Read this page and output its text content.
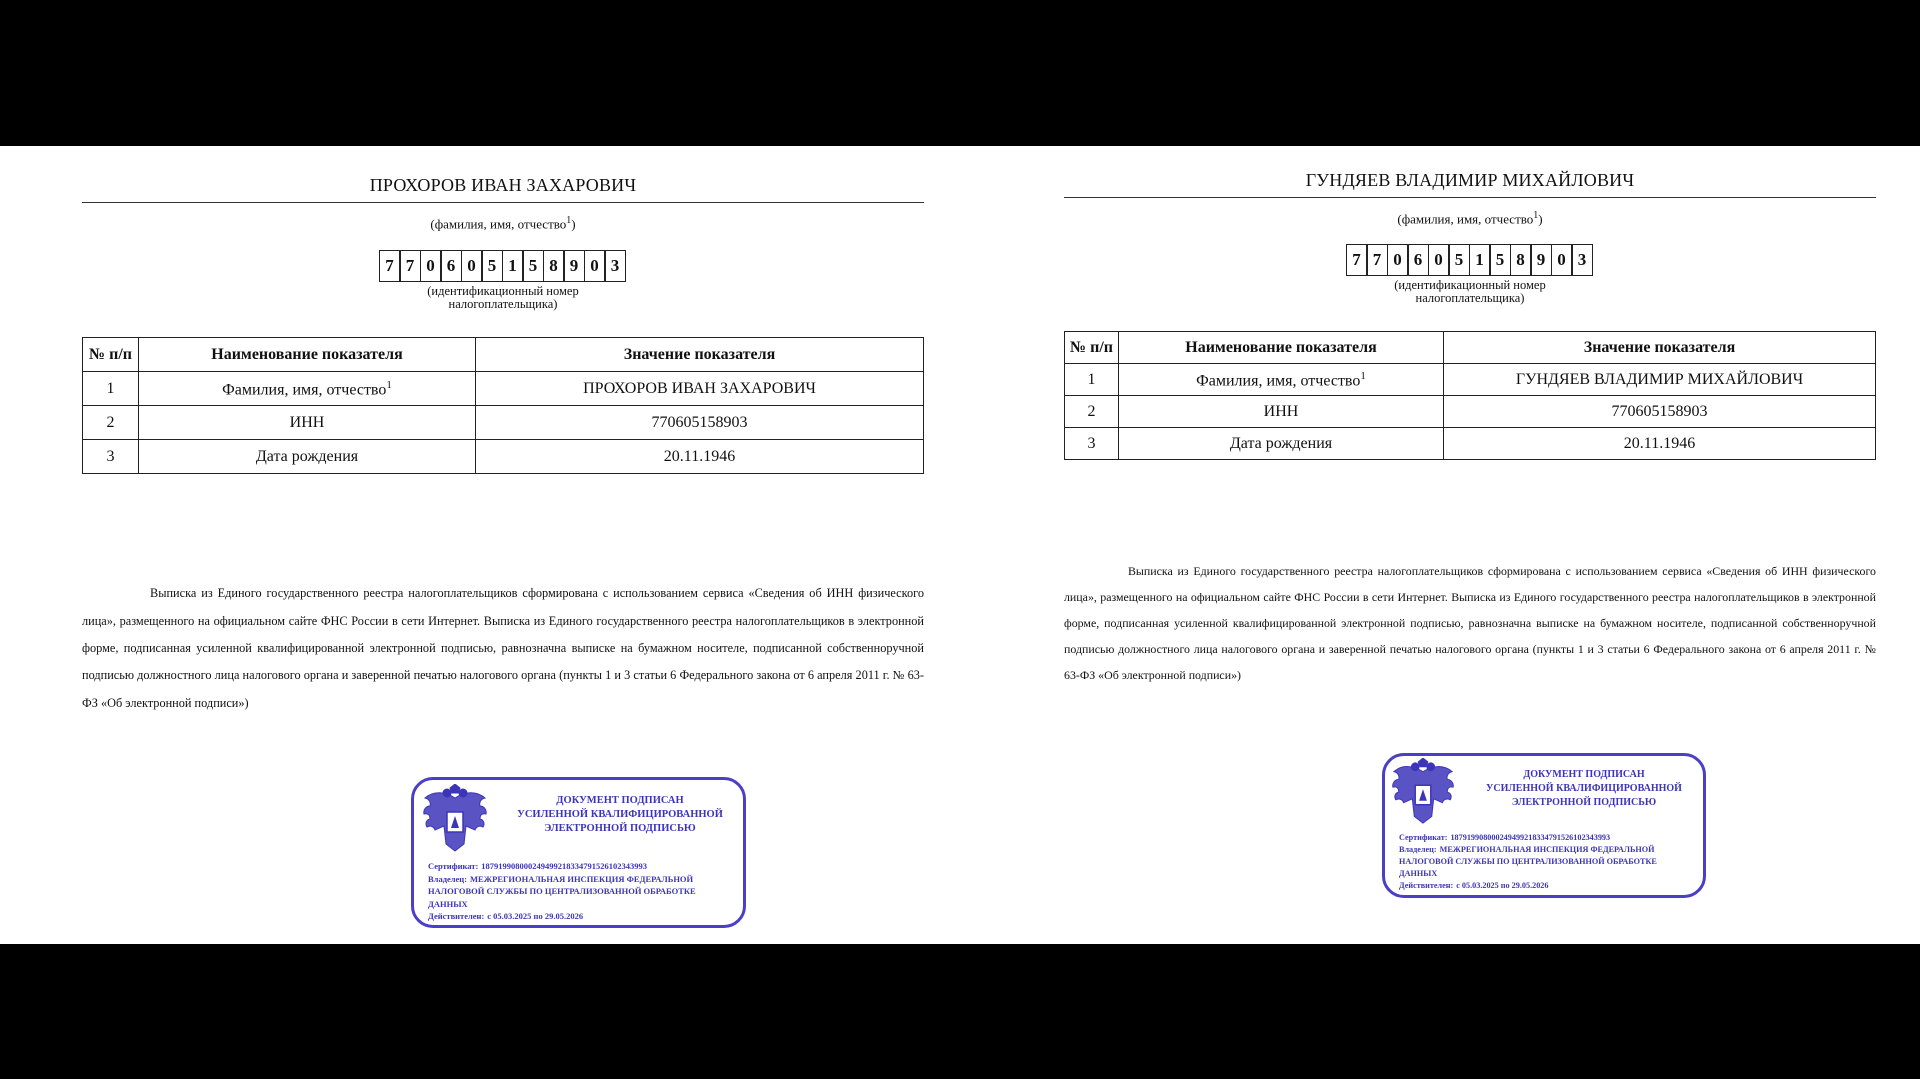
ПРОХОРОВ ИВАН ЗАХАРОВИЧ
(фамилия, имя, отчество$^1$)
7 7 0 6 0 5 1 5 8 9 0 3
(идентификационный номер
налогоплательщика)
№ п/п	Наименование показателя	Значение показателя
1	Фамилия, имя, отчество$^1$	ПРОХОРОВ ИВАН ЗАХАРОВИЧ
2	ИНН	770605158903
3	Дата рождения	20.11.1946

Выписка из Единого государственного реестра налогоплательщиков сформирована с использованием сервиса «Сведения об ИНН физического лица», размещенного на официальном сайте ФНС России в сети Интернет. Выписка из Единого государственного реестра налогоплательщиков в электронной форме, подписанная усиленной квалифицированной электронной подписью, равнозначна выписке на бумажном носителе, подписанной собственноручной подписью должностного лица налогового органа и заверенной печатью налогового органа (пункты 1 и 3 статьи 6 Федерального закона от 6 апреля 2011 г. № 63-ФЗ «Об электронной подписи»)

ДОКУМЕНТ ПОДПИСАН
УСИЛЕННОЙ КВАЛИФИЦИРОВАННОЙ
ЭЛЕКТРОННОЙ ПОДПИСЬЮ
Сертификат: 187919908000249499218334791526102343993
Владелец: МЕЖРЕГИОНАЛЬНАЯ ИНСПЕКЦИЯ ФЕДЕРАЛЬНОЙ НАЛОГОВОЙ СЛУЖБЫ ПО ЦЕНТРАЛИЗОВАННОЙ ОБРАБОТКЕ ДАННЫХ
Действителен: с 05.03.2025 по 29.05.2026
ГУНДЯЕВ ВЛАДИМИР МИХАЙЛОВИЧ
(фамилия, имя, отчество$^1$)
7 7 0 6 0 5 1 5 8 9 0 3
(идентификационный номер
налогоплательщика)
№ п/п	Наименование показателя	Значение показателя
1	Фамилия, имя, отчество$^1$	ГУНДЯЕВ ВЛАДИМИР МИХАЙЛОВИЧ
2	ИНН	770605158903
3	Дата рождения	20.11.1946

Выписка из Единого государственного реестра налогоплательщиков сформирована с использованием сервиса «Сведения об ИНН физического лица», размещенного на официальном сайте ФНС России в сети Интернет. Выписка из Единого государственного реестра налогоплательщиков в электронной форме, подписанная усиленной квалифицированной электронной подписью, равнозначна выписке на бумажном носителе, подписанной собственноручной подписью должностного лица налогового органа и заверенной печатью налогового органа (пункты 1 и 3 статьи 6 Федерального закона от 6 апреля 2011 г. № 63-ФЗ «Об электронной подписи»)

ДОКУМЕНТ ПОДПИСАН
УСИЛЕННОЙ КВАЛИФИЦИРОВАННОЙ
ЭЛЕКТРОННОЙ ПОДПИСЬЮ
Сертификат: 187919908000249499218334791526102343993
Владелец: МЕЖРЕГИОНАЛЬНАЯ ИНСПЕКЦИЯ ФЕДЕРАЛЬНОЙ НАЛОГОВОЙ СЛУЖБЫ ПО ЦЕНТРАЛИЗОВАННОЙ ОБРАБОТКЕ ДАННЫХ
Действителен: с 05.03.2025 по 29.05.2026
